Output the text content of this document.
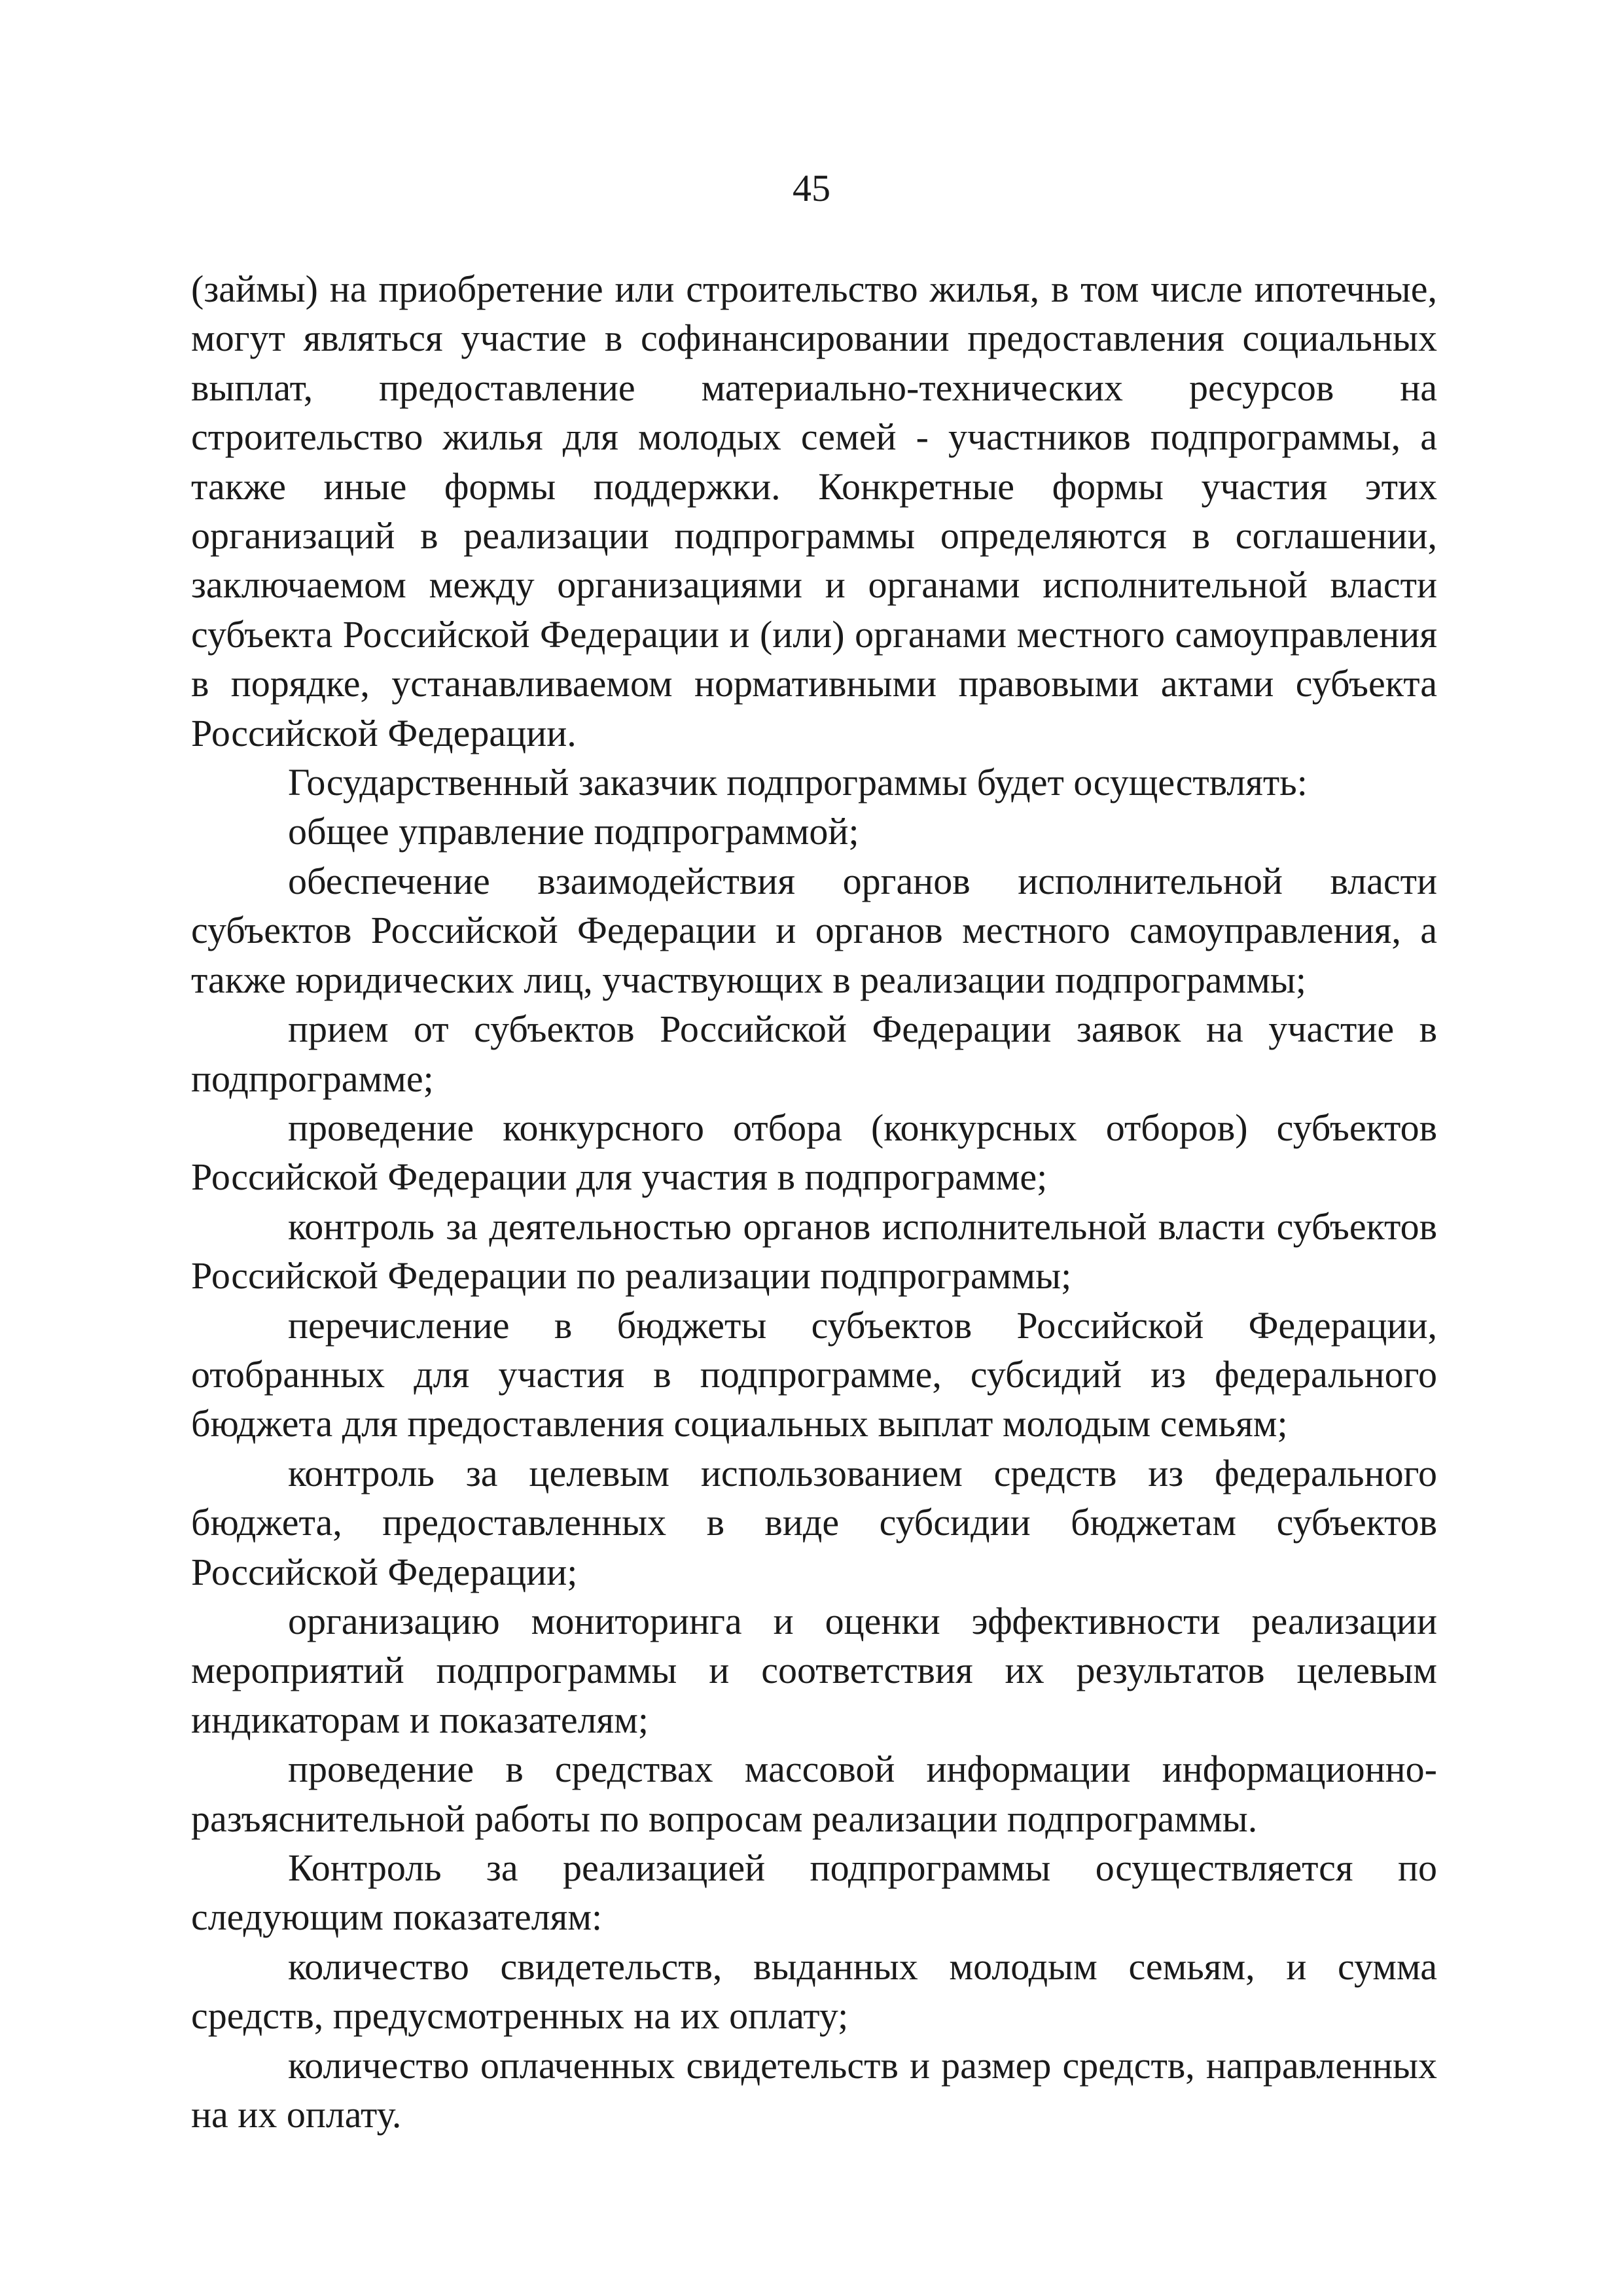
45

(займы) на приобретение или строительство жилья, в том числе ипотечные, могут являться участие в софинансировании предоставления социальных выплат, предоставление материально-технических ресурсов на строительство жилья для молодых семей - участников подпрограммы, а также иные формы поддержки. Конкретные формы участия этих организаций в реализации подпрограммы определяются в соглашении, заключаемом между организациями и органами исполнительной власти субъекта Российской Федерации и (или) органами местного самоуправления в порядке, устанавливаемом нормативными правовыми актами субъекта Российской Федерации.

Государственный заказчик подпрограммы будет осуществлять:

общее управление подпрограммой;

обеспечение взаимодействия органов исполнительной власти субъектов Российской Федерации и органов местного самоуправления, а также юридических лиц, участвующих в реализации подпрограммы;

прием от субъектов Российской Федерации заявок на участие в подпрограмме;

проведение конкурсного отбора (конкурсных отборов) субъектов Российской Федерации для участия в подпрограмме;

контроль за деятельностью органов исполнительной власти субъектов Российской Федерации по реализации подпрограммы;

перечисление в бюджеты субъектов Российской Федерации, отобранных для участия в подпрограмме, субсидий из федерального бюджета для предоставления социальных выплат молодым семьям;

контроль за целевым использованием средств из федерального бюджета, предоставленных в виде субсидии бюджетам субъектов Российской Федерации;

организацию мониторинга и оценки эффективности реализации мероприятий подпрограммы и соответствия их результатов целевым индикаторам и показателям;

проведение в средствах массовой информации информационно-разъяснительной работы по вопросам реализации подпрограммы.

Контроль за реализацией подпрограммы осуществляется по следующим показателям:

количество свидетельств, выданных молодым семьям, и сумма средств, предусмотренных на их оплату;

количество оплаченных свидетельств и размер средств, направленных на их оплату.
